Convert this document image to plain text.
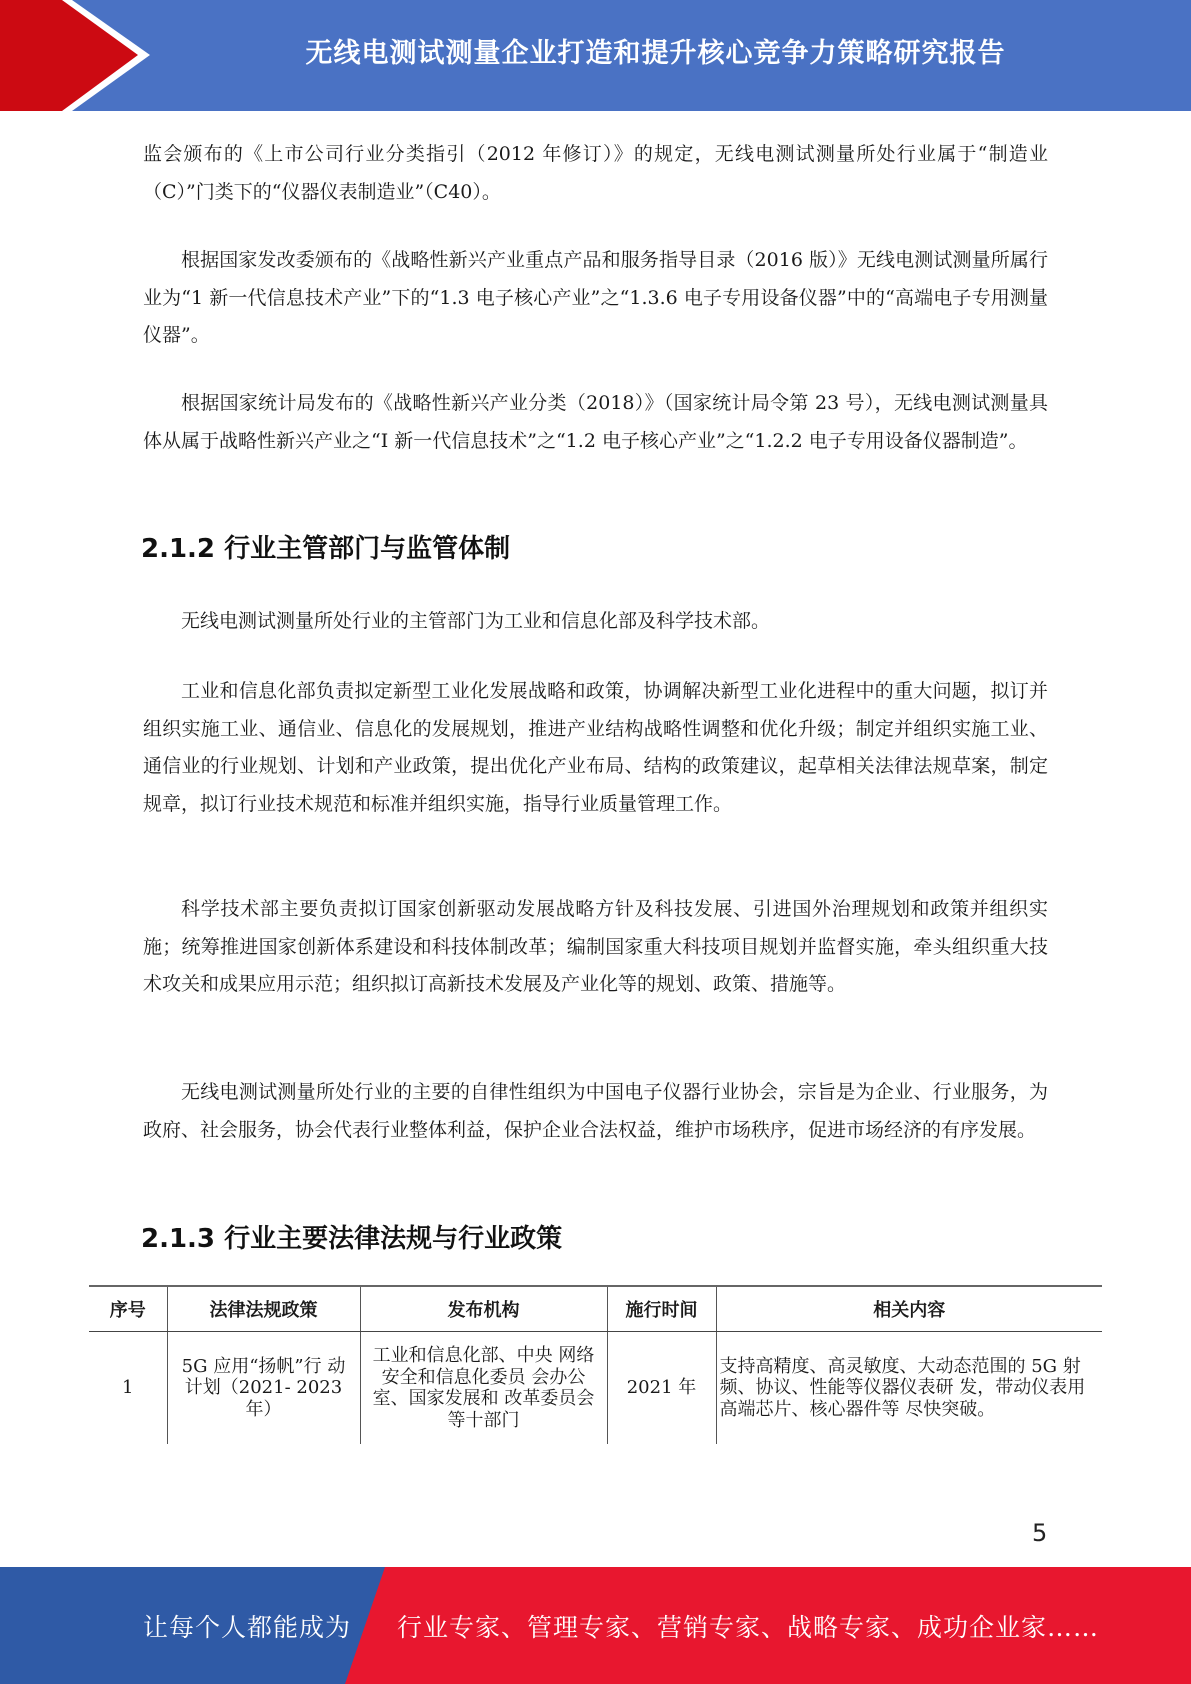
无线电测试测量企业打造和提升核心竞争力策略研究报告

监会颁布的《上市公司行业分类指引（2012 年修订）》的规定，无线电测试测量所处行业属于“制造业（C）”门类下的“仪器仪表制造业”（C40）。

根据国家发改委颁布的《战略性新兴产业重点产品和服务指导目录（2016 版）》无线电测试测量所属行业为“1 新一代信息技术产业”下的“1.3 电子核心产业”之“1.3.6 电子专用设备仪器”中的“高端电子专用测量仪器”。

根据国家统计局发布的《战略性新兴产业分类（2018）》（国家统计局令第 23 号），无线电测试测量具体从属于战略性新兴产业之“I 新一代信息技术”之“1.2 电子核心产业”之“1.2.2 电子专用设备仪器制造”。

2.1.2 行业主管部门与监管体制

无线电测试测量所处行业的主管部门为工业和信息化部及科学技术部。

工业和信息化部负责拟定新型工业化发展战略和政策，协调解决新型工业化进程中的重大问题，拟订并组织实施工业、通信业、信息化的发展规划，推进产业结构战略性调整和优化升级；制定并组织实施工业、通信业的行业规划、计划和产业政策，提出优化产业布局、结构的政策建议，起草相关法律法规草案，制定规章，拟订行业技术规范和标准并组织实施，指导行业质量管理工作。

科学技术部主要负责拟订国家创新驱动发展战略方针及科技发展、引进国外治理规划和政策并组织实施；统筹推进国家创新体系建设和科技体制改革；编制国家重大科技项目规划并监督实施，牵头组织重大技术攻关和成果应用示范；组织拟订高新技术发展及产业化等的规划、政策、措施等。

无线电测试测量所处行业的主要的自律性组织为中国电子仪器行业协会，宗旨是为企业、行业服务，为政府、社会服务，协会代表行业整体利益，保护企业合法权益，维护市场秩序，促进市场经济的有序发展。

2.1.3 行业主要法律法规与行业政策
序号	法律法规政策	发布机构	施行时间	相关内容
1	5G 应用“扬帆”行 动计划（2021- 2023 年）	工业和信息化部、中央 网络安全和信息化委员 会办公室、国家发展和 改革委员会等十部门	2021 年	支持高精度、高灵敏度、大动态范围的 5G 射频、协议、性能等仪器仪表研 发，带动仪表用高端芯片、核心器件等 尽快突破。
5
让每个人都能成为 行业专家、管理专家、营销专家、战略专家、成功企业家……
